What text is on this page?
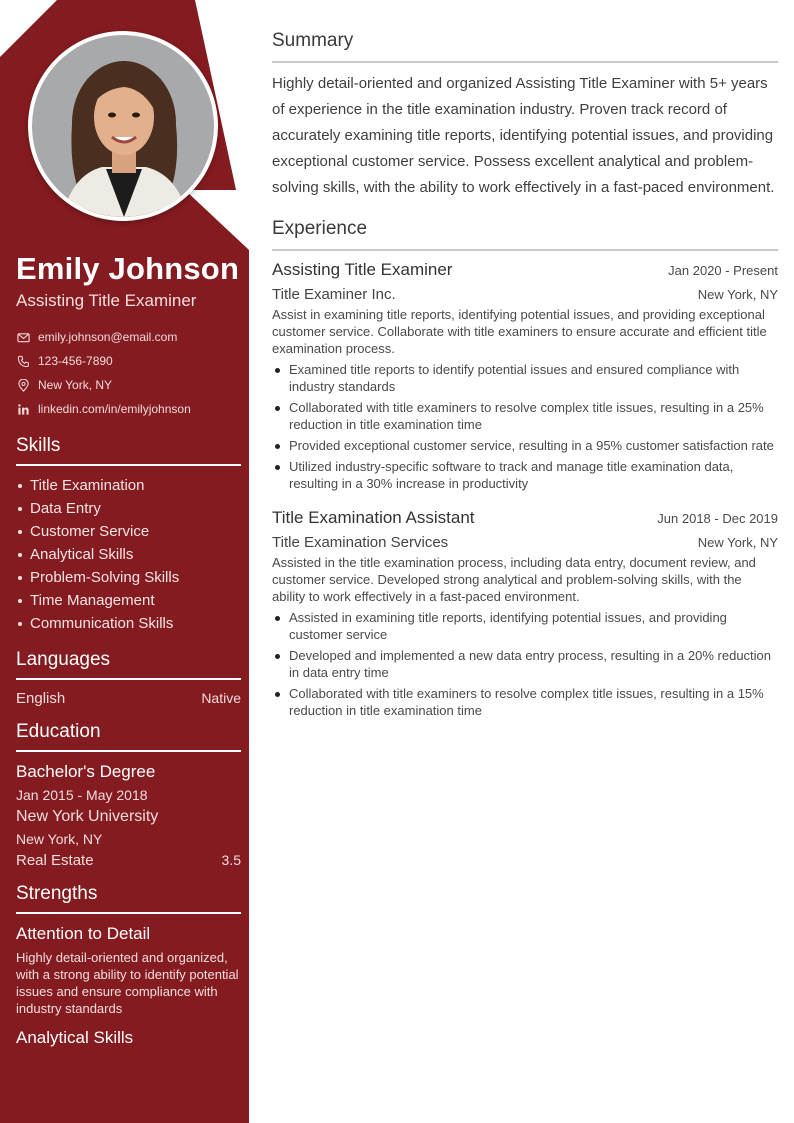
Emily Johnson
Assisting Title Examiner
emily.johnson@email.com
123-456-7890
New York, NY
linkedin.com/in/emilyjohnson
Skills
Title Examination
Data Entry
Customer Service
Analytical Skills
Problem-Solving Skills
Time Management
Communication Skills
Languages
English	Native
Education
Bachelor's Degree
Jan 2015 - May 2018
New York University
New York, NY
Real Estate	3.5
Strengths
Attention to Detail
Highly detail-oriented and organized, with a strong ability to identify potential issues and ensure compliance with industry standards
Analytical Skills
Summary

Highly detail-oriented and organized Assisting Title Examiner with 5+ years of experience in the title examination industry. Proven track record of accurately examining title reports, identifying potential issues, and providing exceptional customer service. Possess excellent analytical and problem-solving skills, with the ability to work effectively in a fast-paced environment.

Experience
Assisting Title Examiner	Jan 2020 - Present
Title Examiner Inc.	New York, NY

Assist in examining title reports, identifying potential issues, and providing exceptional customer service. Collaborate with title examiners to ensure accurate and efficient title examination process.

Examined title reports to identify potential issues and ensured compliance with industry standards
Collaborated with title examiners to resolve complex title issues, resulting in a 25% reduction in title examination time
Provided exceptional customer service, resulting in a 95% customer satisfaction rate
Utilized industry-specific software to track and manage title examination data, resulting in a 30% increase in productivity
Title Examination Assistant	Jun 2018 - Dec 2019
Title Examination Services	New York, NY

Assisted in the title examination process, including data entry, document review, and customer service. Developed strong analytical and problem-solving skills, with the ability to work effectively in a fast-paced environment.

Assisted in examining title reports, identifying potential issues, and providing customer service
Developed and implemented a new data entry process, resulting in a 20% reduction in data entry time
Collaborated with title examiners to resolve complex title issues, resulting in a 15% reduction in title examination time
